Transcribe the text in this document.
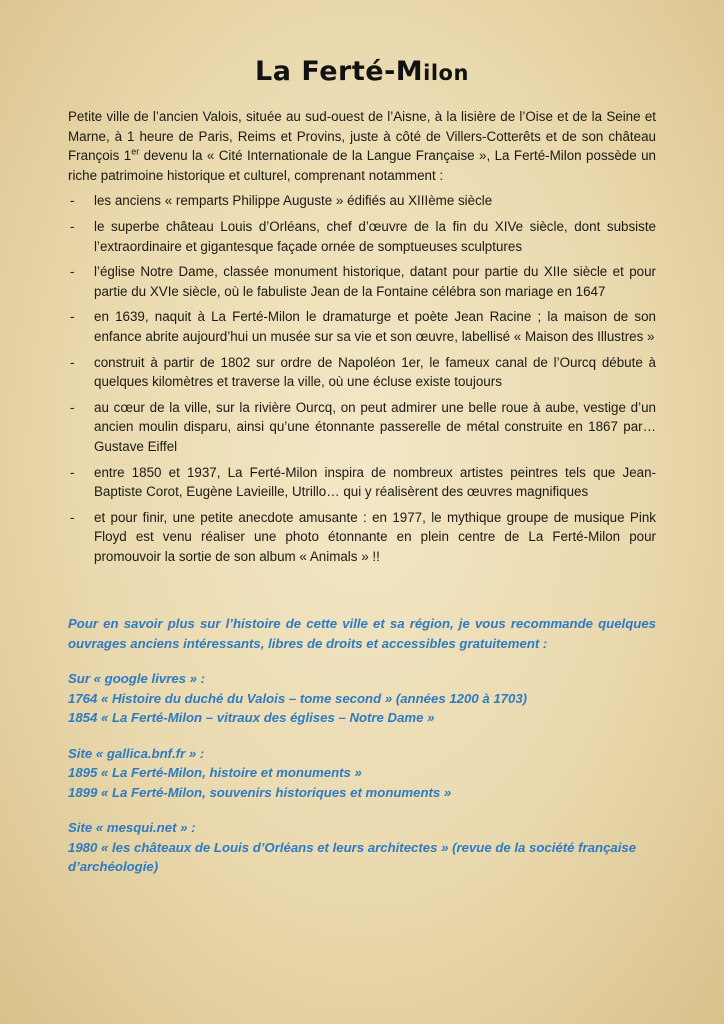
La Ferté-Milon

Petite ville de l’ancien Valois, située au sud-ouest de l’Aisne, à la lisière de l’Oise et de la Seine et Marne, à 1 heure de Paris, Reims et Provins, juste à côté de Villers-Cotterêts et de son château François 1er devenu la « Cité Internationale de la Langue Française », La Ferté-Milon possède un riche patrimoine historique et culturel, comprenant notamment :

- les anciens « remparts Philippe Auguste » édifiés au XIIIème siècle
- le superbe château Louis d’Orléans, chef d’œuvre de la fin du XIVe siècle, dont subsiste l’extraordinaire et gigantesque façade ornée de somptueuses sculptures
- l’église Notre Dame, classée monument historique, datant pour partie du XIIe siècle et pour partie du XVIe siècle, où le fabuliste Jean de la Fontaine célébra son mariage en 1647
- en 1639, naquit à La Ferté-Milon le dramaturge et poète Jean Racine ; la maison de son enfance abrite aujourd’hui un musée sur sa vie et son œuvre, labellisé « Maison des Illustres »
- construit à partir de 1802 sur ordre de Napoléon 1er, le fameux canal de l’Ourcq débute à quelques kilomètres et traverse la ville, où une écluse existe toujours
- au cœur de la ville, sur la rivière Ourcq, on peut admirer une belle roue à aube, vestige d’un ancien moulin disparu, ainsi qu’une étonnante passerelle de métal construite en 1867 par… Gustave Eiffel
- entre 1850 et 1937, La Ferté-Milon inspira de nombreux artistes peintres tels que Jean-Baptiste Corot, Eugène Lavieille, Utrillo… qui y réalisèrent des œuvres magnifiques
- et pour finir, une petite anecdote amusante : en 1977, le mythique groupe de musique Pink Floyd est venu réaliser une photo étonnante en plein centre de La Ferté-Milon pour promouvoir la sortie de son album « Animals » !!
Pour en savoir plus sur l’histoire de cette ville et sa région, je vous recommande quelques ouvrages anciens intéressants, libres de droits et accessibles gratuitement :
Sur « google livres » :
1764 « Histoire du duché du Valois – tome second » (années 1200 à 1703)
1854 « La Ferté-Milon – vitraux des églises – Notre Dame »
Site « gallica.bnf.fr » :
1895 « La Ferté-Milon, histoire et monuments »
1899 « La Ferté-Milon, souvenirs historiques et monuments »
Site « mesqui.net » :
1980 « les châteaux de Louis d’Orléans et leurs architectes » (revue de la société française d’archéologie)
